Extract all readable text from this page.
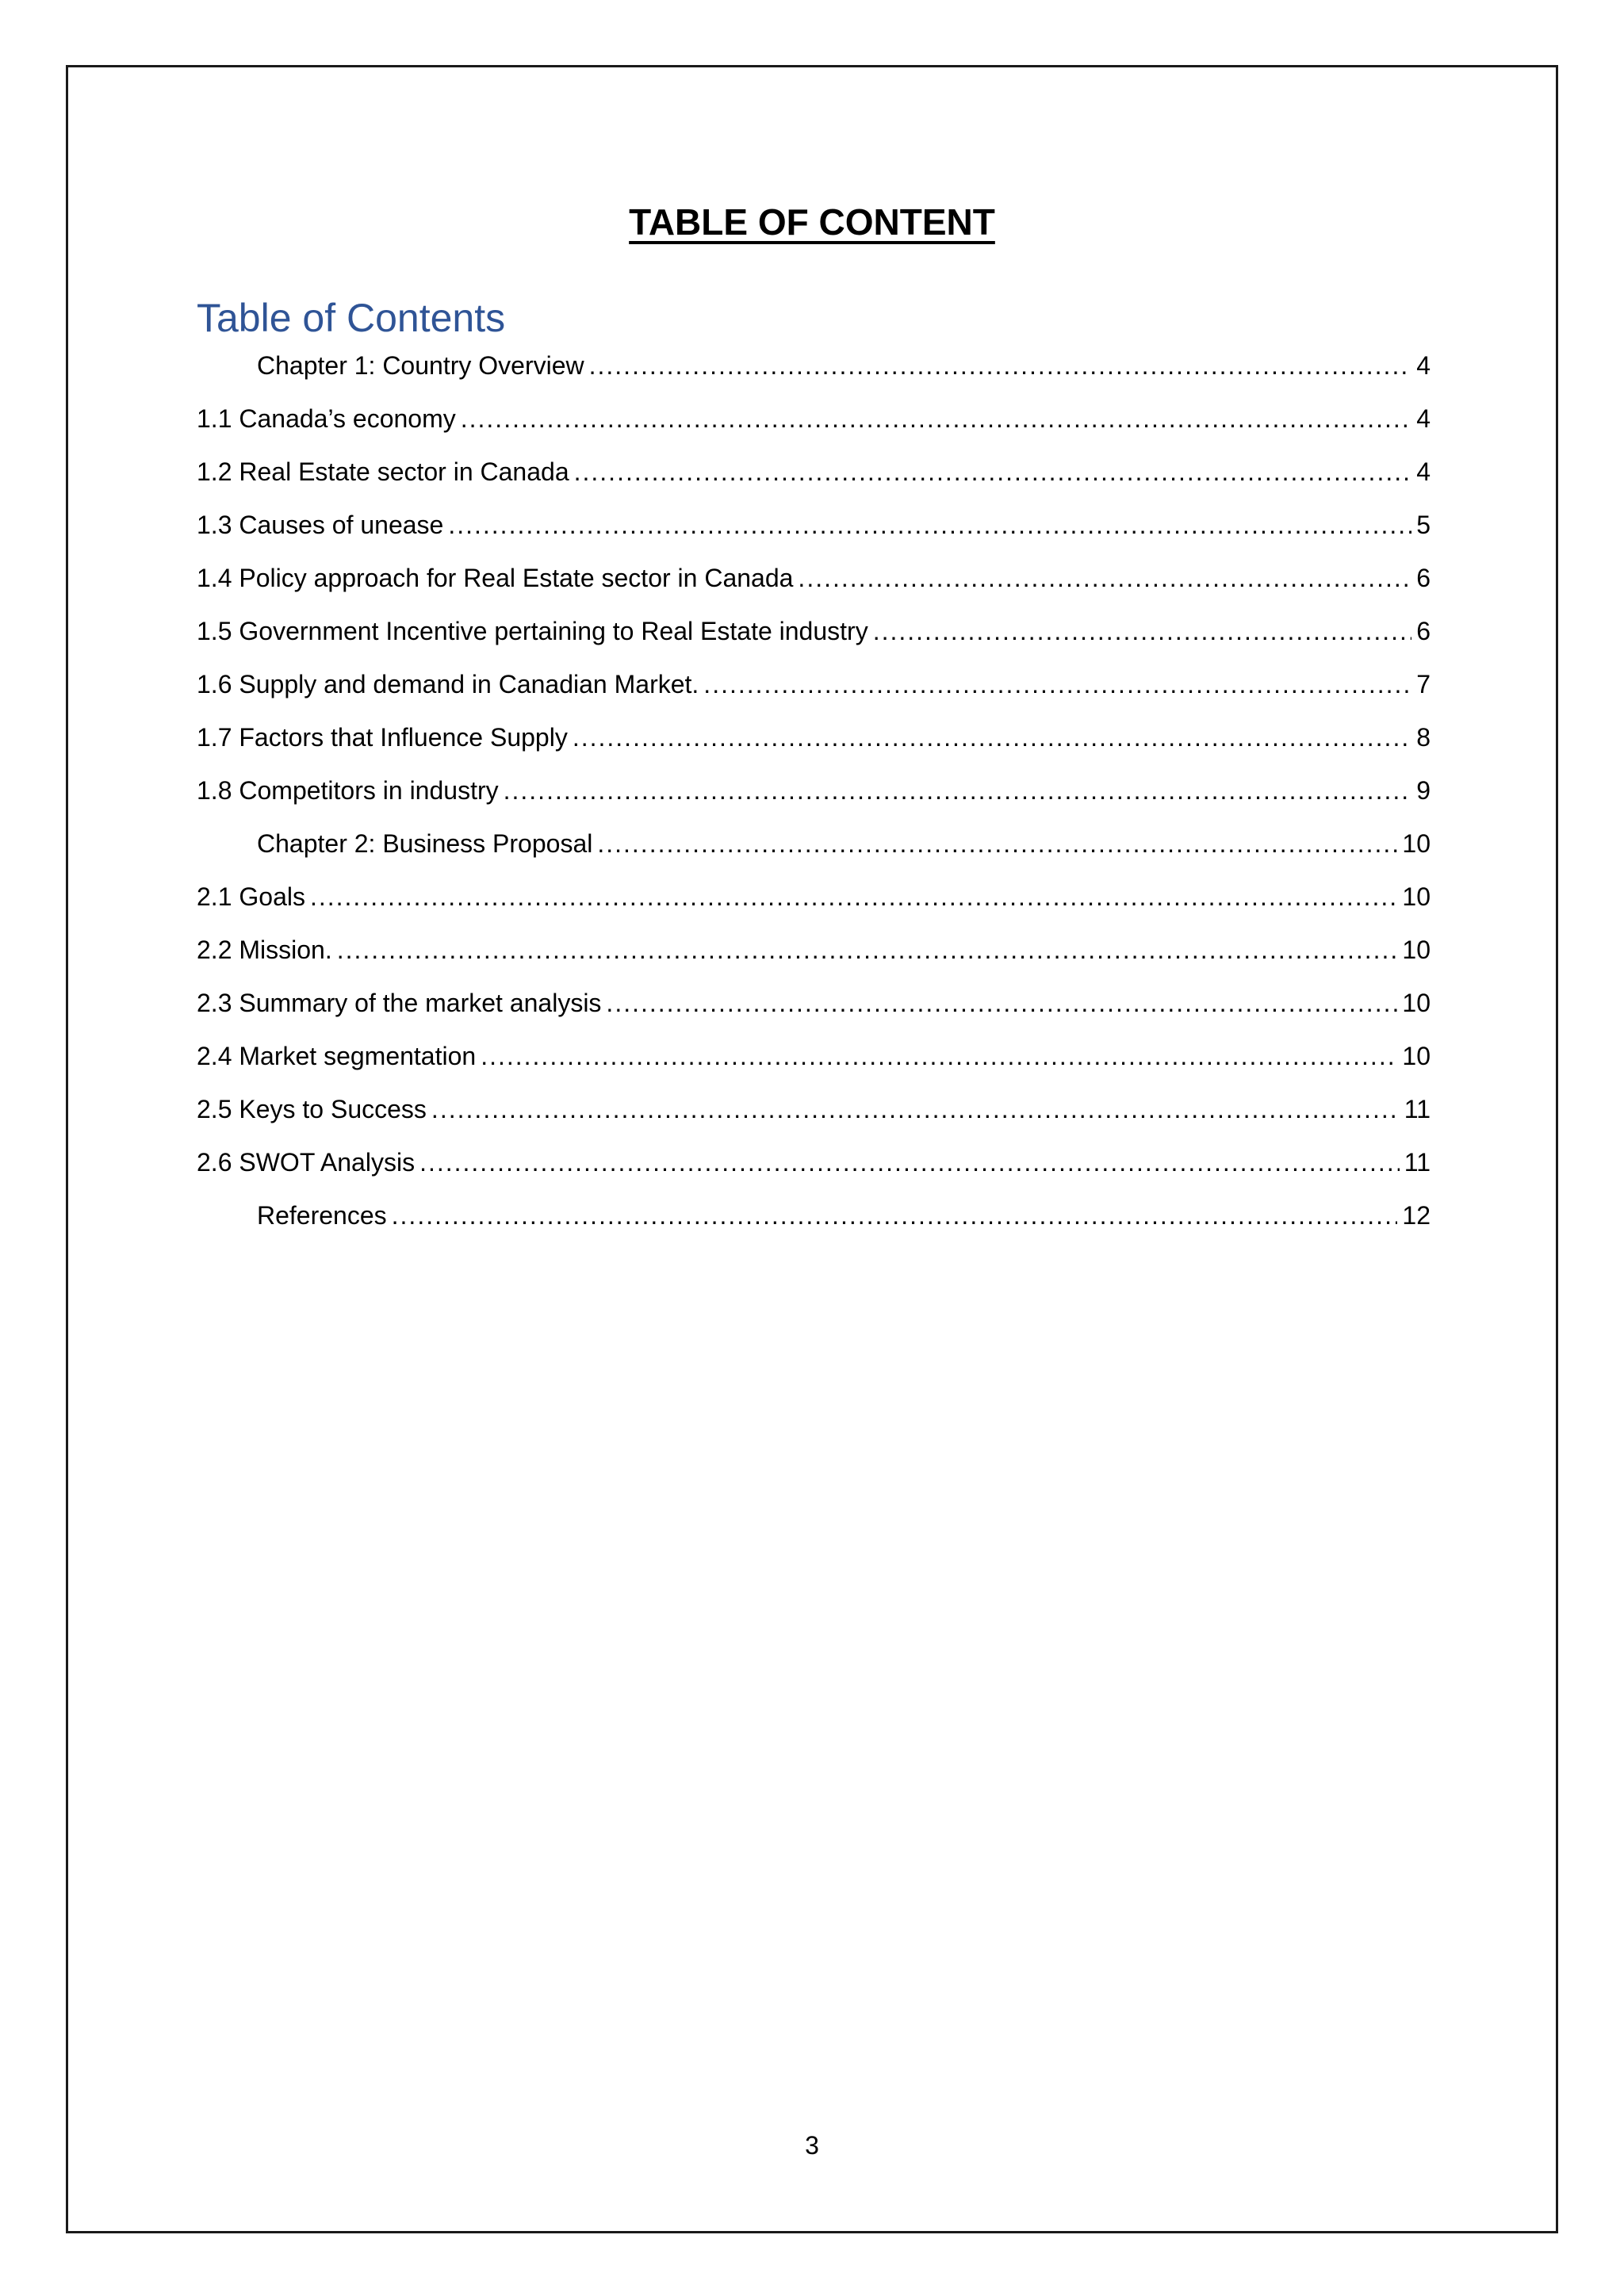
TABLE OF CONTENT
Table of Contents
Chapter 1: Country Overview .....	4
1.1 Canada’s economy .....	4
1.2 Real Estate sector in Canada .....	4
1.3 Causes of unease .....	5
1.4 Policy approach for Real Estate sector in Canada .....	6
1.5 Government Incentive pertaining to Real Estate industry .....	6
1.6 Supply and demand in Canadian Market. .....	7
1.7 Factors that Influence Supply .....	8
1.8 Competitors in industry .....	9
Chapter 2: Business Proposal .....	10
2.1 Goals .....	10
2.2 Mission. .....	10
2.3 Summary of the market analysis .....	10
2.4 Market segmentation .....	10
2.5 Keys to Success .....	11
2.6 SWOT Analysis .....	11
References .....	12
3
